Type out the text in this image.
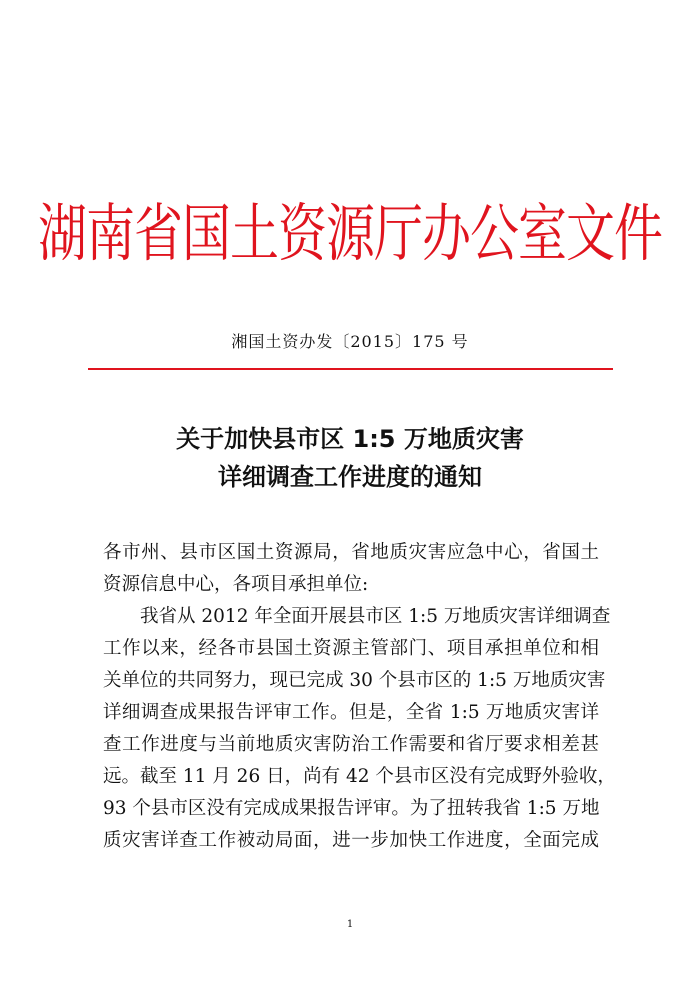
湖南省国土资源厅办公室文件
湘国土资办发〔2015〕175 号
关于加快县市区 1:5 万地质灾害
详细调查工作进度的通知
各市州、县市区国土资源局，省地质灾害应急中心，省国土
资源信息中心，各项目承担单位:
　　我省从 2012 年全面开展县市区 1:5 万地质灾害详细调查
工作以来，经各市县国土资源主管部门、项目承担单位和相
关单位的共同努力，现已完成 30 个县市区的 1:5 万地质灾害
详细调查成果报告评审工作。但是，全省 1:5 万地质灾害详
查工作进度与当前地质灾害防治工作需要和省厅要求相差甚
远。截至 11 月 26 日，尚有 42 个县市区没有完成野外验收，
93 个县市区没有完成成果报告评审。为了扭转我省 1:5 万地
质灾害详查工作被动局面，进一步加快工作进度，全面完成
1
